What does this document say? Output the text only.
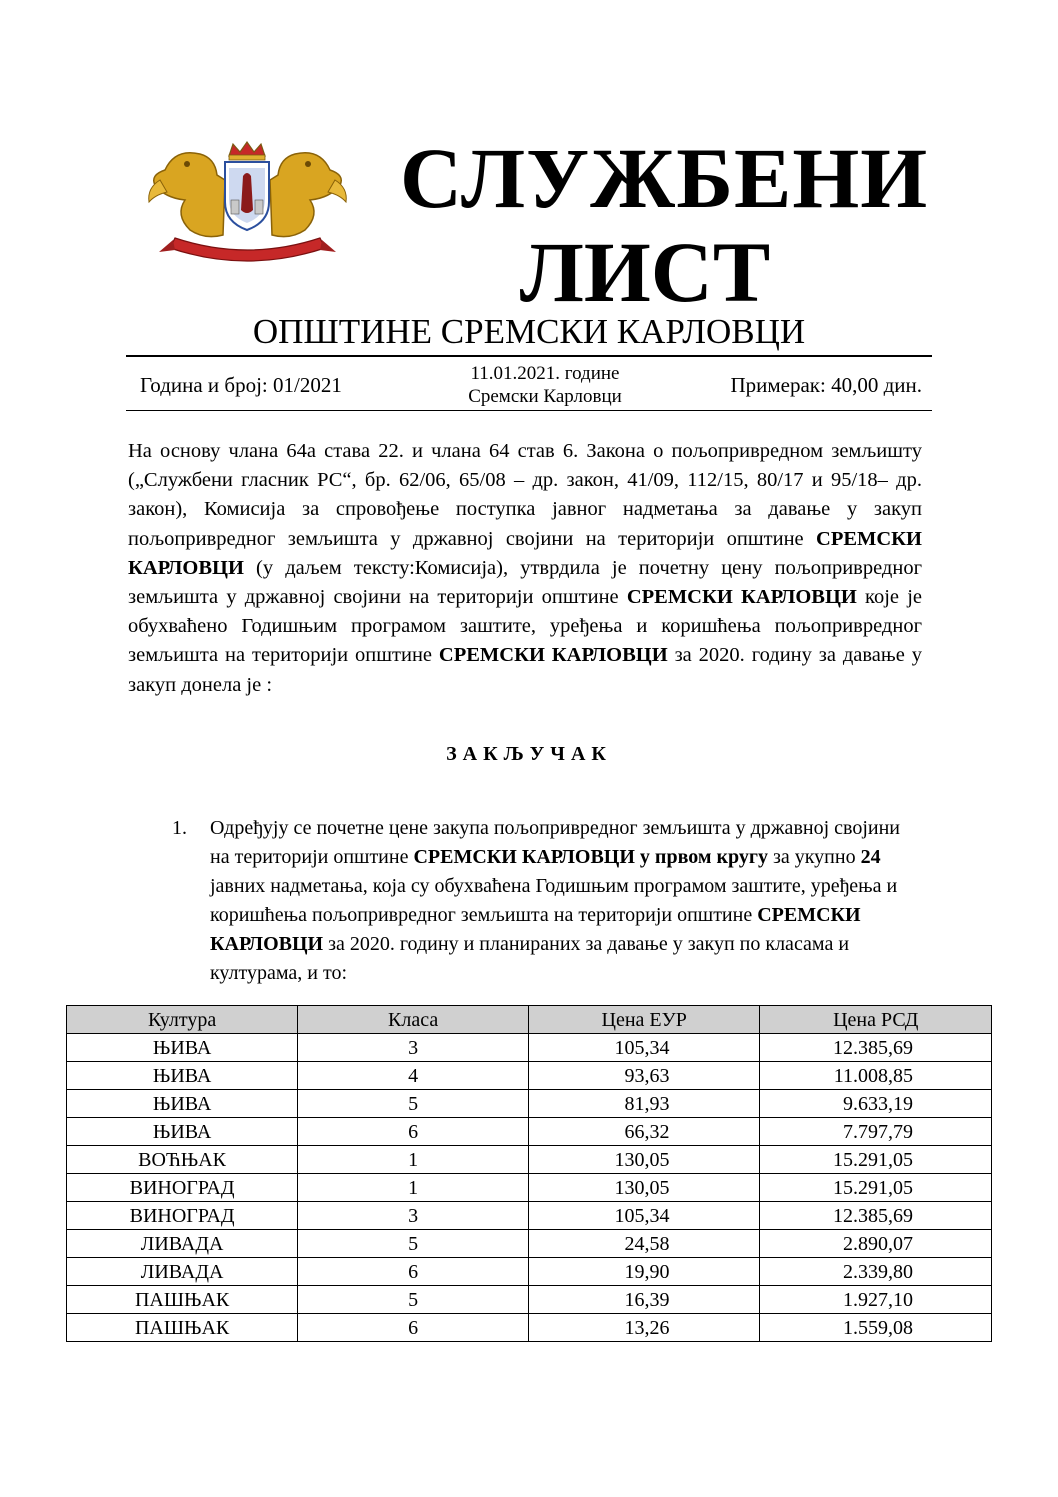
СЛУЖБЕНИ
ЛИСТ
ОПШТИНЕ СРЕМСКИ КАРЛОВЦИ
Година и број: 01/2021	11.01.2021. године
Сремски Карловци	Примерак: 40,00 дин.
На основу члана 64а става 22. и члана 64 став 6. Закона о пољопривредном земљишту („Службени гласник РС“, бр. 62/06, 65/08 – др. закон, 41/09, 112/15, 80/17 и 95/18– др. закон), Комисија за спровођење поступка јавног надметања за давање у закуп пољопривредног земљишта у државној својини на територији општине СРЕМСКИ КАРЛОВЦИ (у даљем тексту:Комисија), утврдила је почетну цену пољопривредног земљишта у државној својини на територији општине СРЕМСКИ КАРЛОВЦИ које је обухваћено Годишњим програмом заштите, уређења и коришћења пољопривредног земљишта на територији општине СРЕМСКИ КАРЛОВЦИ за 2020. годину за давање у закуп донела је :
ЗАКЉУЧАК
1. Одређују се почетне цене закупа пољопривредног земљишта у државној својини на територији општине СРЕМСКИ КАРЛОВЦИ у првом кругу за укупно 24 јавних надметања, која су обухваћена Годишњим програмом заштите, уређења и коришћења пољопривредног земљишта на територији општине СРЕМСКИ КАРЛОВЦИ за 2020. годину и планираних за давање у закуп по класама и културама, и то:
Култура	Класа	Цена ЕУР	Цена РСД
ЊИВА	3	105,34	12.385,69
ЊИВА	4	93,63	11.008,85
ЊИВА	5	81,93	9.633,19
ЊИВА	6	66,32	7.797,79
ВОЋЊАК	1	130,05	15.291,05
ВИНОГРАД	1	130,05	15.291,05
ВИНОГРАД	3	105,34	12.385,69
ЛИВАДА	5	24,58	2.890,07
ЛИВАДА	6	19,90	2.339,80
ПАШЊАК	5	16,39	1.927,10
ПАШЊАК	6	13,26	1.559,08
